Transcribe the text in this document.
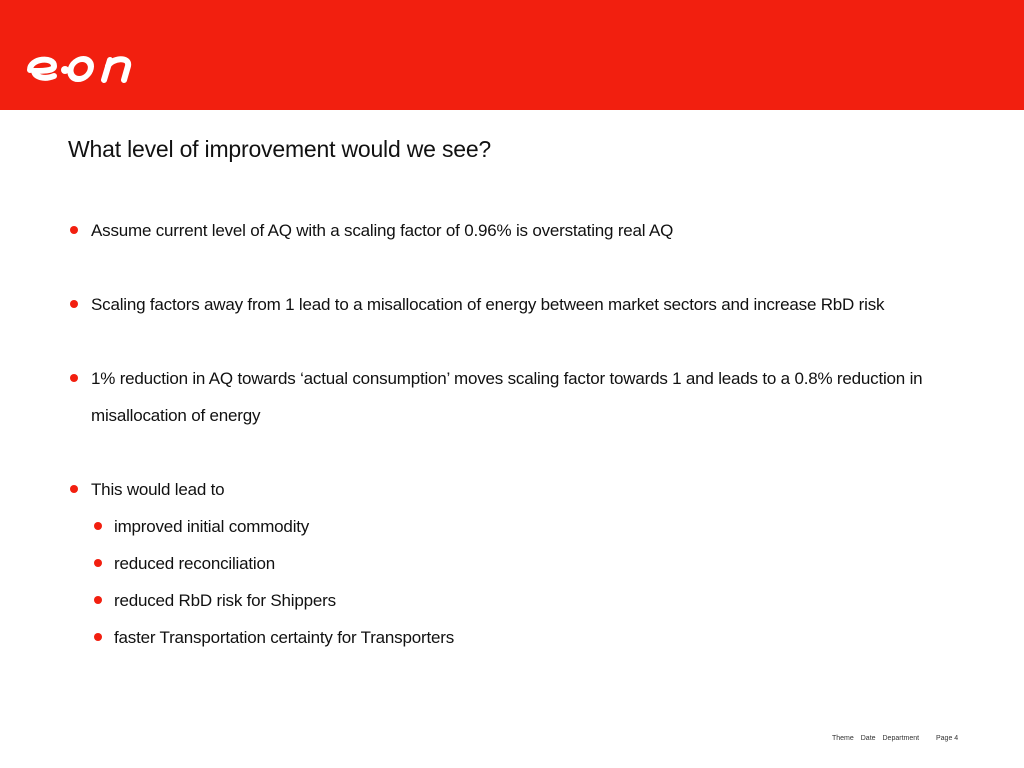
What level of improvement would we see?
Assume current level of AQ with a scaling factor of 0.96% is overstating real AQ
Scaling factors away from 1 lead to a misallocation of energy between market sectors and increase RbD risk
1% reduction in AQ towards ‘actual consumption’ moves scaling factor towards 1 and leads to a 0.8% reduction in misallocation of energy
This would lead to
improved initial commodity
reduced reconciliation
reduced RbD risk for Shippers
faster Transportation certainty for Transporters
Theme Date Department	Page 4
